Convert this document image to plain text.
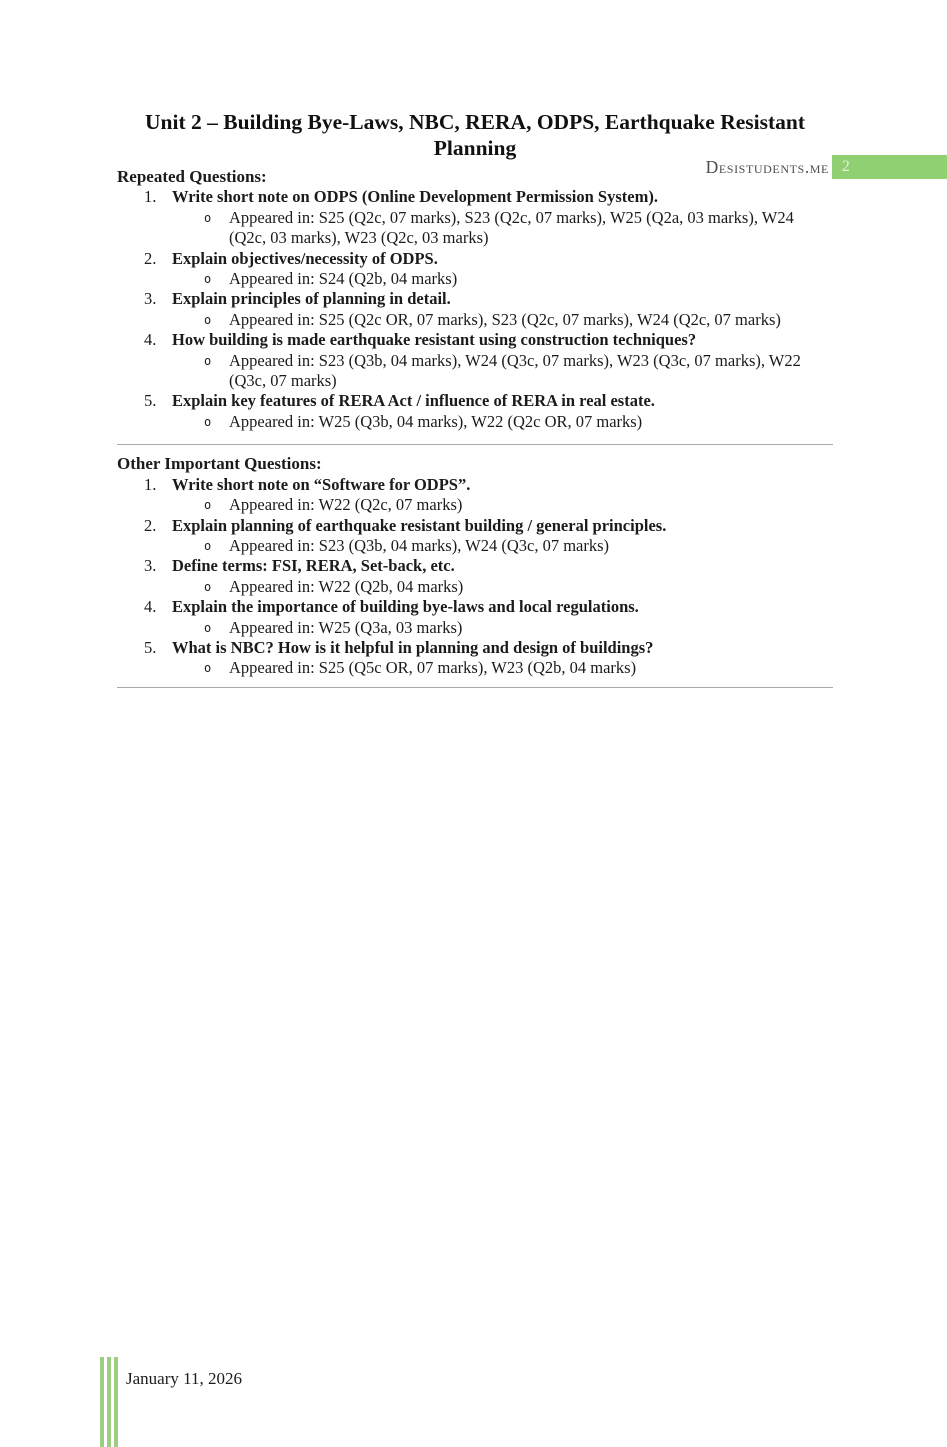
Desistudents.me 2
Unit 2 – Building Bye-Laws, NBC, RERA, ODPS, Earthquake Resistant Planning
Repeated Questions:
1. Write short note on ODPS (Online Development Permission System).
o	Appeared in: S25 (Q2c, 07 marks), S23 (Q2c, 07 marks), W25 (Q2a, 03 marks), W24 (Q2c, 03 marks), W23 (Q2c, 03 marks)
2. Explain objectives/necessity of ODPS.
o	Appeared in: S24 (Q2b, 04 marks)
3. Explain principles of planning in detail.
o	Appeared in: S25 (Q2c OR, 07 marks), S23 (Q2c, 07 marks), W24 (Q2c, 07 marks)
4. How building is made earthquake resistant using construction techniques?
o	Appeared in: S23 (Q3b, 04 marks), W24 (Q3c, 07 marks), W23 (Q3c, 07 marks), W22 (Q3c, 07 marks)
5. Explain key features of RERA Act / influence of RERA in real estate.
o	Appeared in: W25 (Q3b, 04 marks), W22 (Q2c OR, 07 marks)
Other Important Questions:
1. Write short note on “Software for ODPS”.
o	Appeared in: W22 (Q2c, 07 marks)
2. Explain planning of earthquake resistant building / general principles.
o	Appeared in: S23 (Q3b, 04 marks), W24 (Q3c, 07 marks)
3. Define terms: FSI, RERA, Set-back, etc.
o	Appeared in: W22 (Q2b, 04 marks)
4. Explain the importance of building bye-laws and local regulations.
o	Appeared in: W25 (Q3a, 03 marks)
5. What is NBC? How is it helpful in planning and design of buildings?
o	Appeared in: S25 (Q5c OR, 07 marks), W23 (Q2b, 04 marks)
January 11, 2026
